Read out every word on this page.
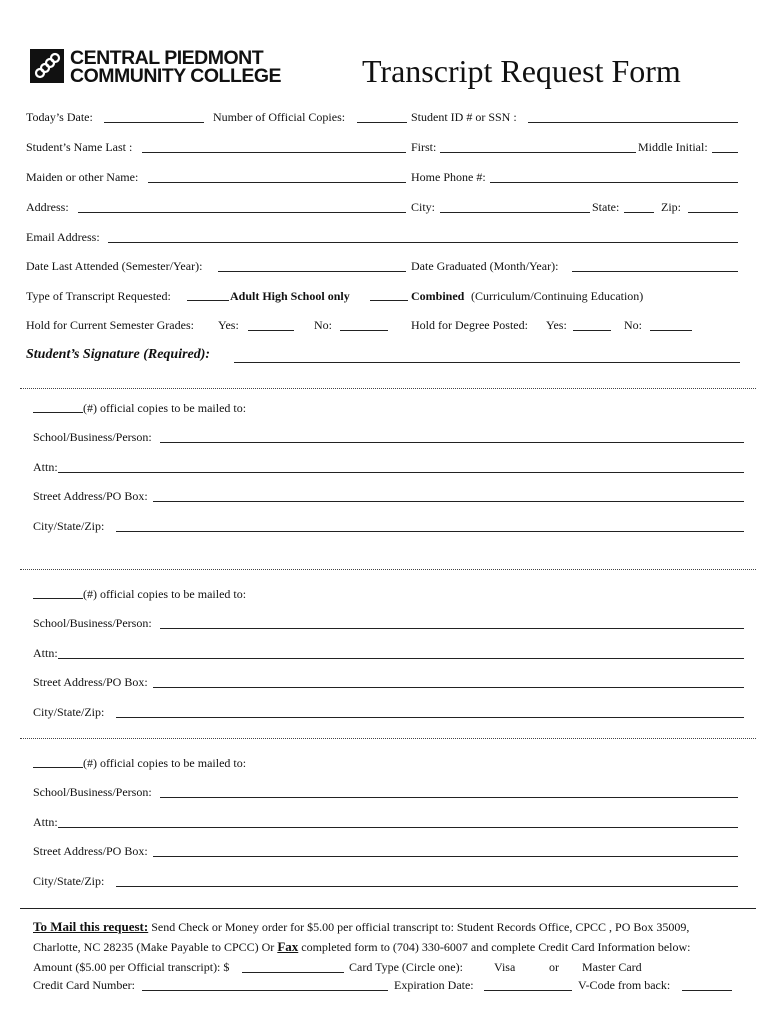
CENTRAL PIEDMONT
COMMUNITY COLLEGE	Transcript Request Form
Today’s Date:	Number of Official Copies:	Student ID # or SSN :
Student’s Name Last :	First:	Middle Initial:
Maiden or other Name:	Home Phone #:
Address:	City:	State:	Zip:
Email Address:
Date Last Attended (Semester/Year):	Date Graduated (Month/Year):
Type of Transcript Requested:	Adult High School only	Combined (Curriculum/Continuing Education)
Hold for Current Semester Grades: Yes:	No:	Hold for Degree Posted: Yes:	No:
Student’s Signature (Required):
(#) official copies to be mailed to:
School/Business/Person:
Attn:
Street Address/PO Box:
City/State/Zip:
(#) official copies to be mailed to:
School/Business/Person:
Attn:
Street Address/PO Box:
City/State/Zip:
(#) official copies to be mailed to:
School/Business/Person:
Attn:
Street Address/PO Box:
City/State/Zip:
To Mail this request: Send Check or Money order for $5.00 per official transcript to: Student Records Office, CPCC , PO Box 35009,
Charlotte, NC 28235 (Make Payable to CPCC) Or Fax completed form to (704) 330-6007 and complete Credit Card Information below:
Amount ($5.00 per Official transcript): $	Card Type (Circle one):	Visa	or Master Card
Credit Card Number:	Expiration Date:	V-Code from back:
